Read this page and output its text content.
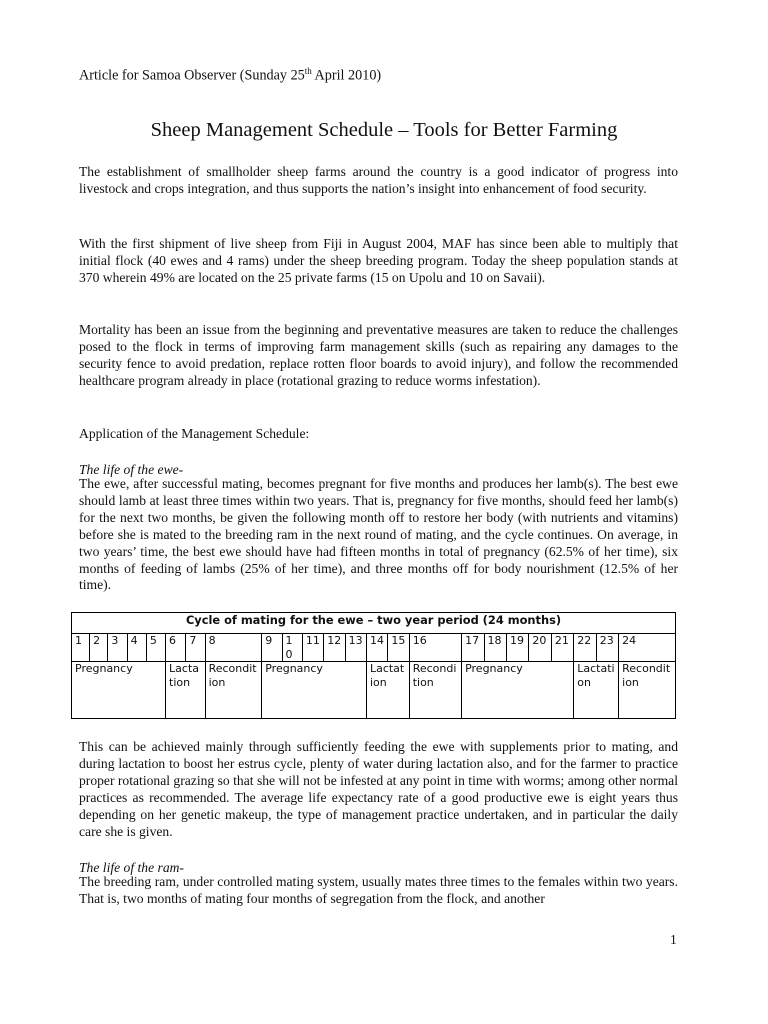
Article for Samoa Observer (Sunday 25th April 2010)
Sheep Management Schedule – Tools for Better Farming

The establishment of smallholder sheep farms around the country is a good indicator of progress into livestock and crops integration, and thus supports the nation’s insight into enhancement of food security.

With the first shipment of live sheep from Fiji in August 2004, MAF has since been able to multiply that initial flock (40 ewes and 4 rams) under the sheep breeding program. Today the sheep population stands at 370 wherein 49% are located on the 25 private farms (15 on Upolu and 10 on Savaii).

Mortality has been an issue from the beginning and preventative measures are taken to reduce the challenges posed to the flock in terms of improving farm management skills (such as repairing any damages to the security fence to avoid predation, replace rotten floor boards to avoid injury), and follow the recommended healthcare program already in place (rotational grazing to reduce worms infestation).

Application of the Management Schedule:
The life of the ewe-

The ewe, after successful mating, becomes pregnant for five months and produces her lamb(s). The best ewe should lamb at least three times within two years. That is, pregnancy for five months, should feed her lamb(s) for the next two months, be given the following month off to restore her body (with nutrients and vitamins) before she is mated to the breeding ram in the next round of mating, and the cycle continues. On average, in two years’ time, the best ewe should have had fifteen months in total of pregnancy (62.5% of her time), six months of feeding of lambs (25% of her time), and three months off for body nourishment (12.5% of her time).

Cycle of mating for the ewe – two year period (24 months)																							
1	2	3	4	5	6	7	8	9	10	11	12	13	14	15	16	17	18	19	20	21	22	23	24
Pregnancy					Lactation		Recondition	Pregnancy					Lactation		Recondition	Pregnancy					Lactation		Recondition

This can be achieved mainly through sufficiently feeding the ewe with supplements prior to mating, and during lactation to boost her estrus cycle, plenty of water during lactation also, and for the farmer to practice proper rotational grazing so that she will not be infested at any point in time with worms; among other normal practices as recommended. The average life expectancy rate of a good productive ewe is eight years thus depending on her genetic makeup, the type of management practice undertaken, and in particular the daily care she is given.

The life of the ram-

The breeding ram, under controlled mating system, usually mates three times to the females within two years. That is, two months of mating four months of segregation from the flock, and another

1
